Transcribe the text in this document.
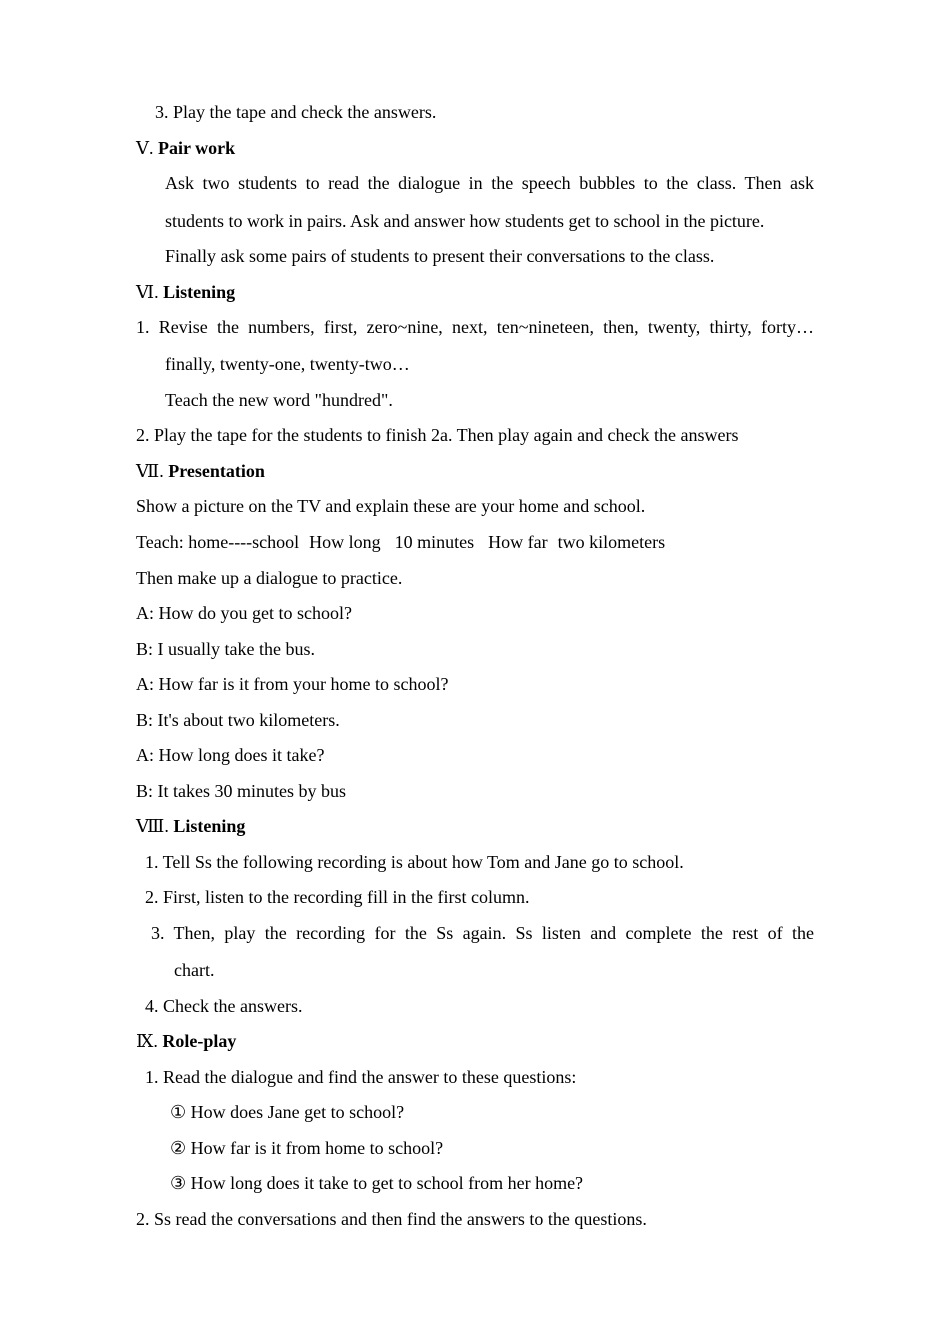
3. Play the tape and check the answers.
Ⅴ. Pair work
Ask two students to read the dialogue in the speech bubbles to the class. Then ask
students to work in pairs. Ask and answer how students get to school in the picture.
Finally ask some pairs of students to present their conversations to the class.
Ⅵ. Listening
1. Revise the numbers, first, zero~nine, next, ten~nineteen, then, twenty, thirty, forty…
finally, twenty-one, twenty-two…
Teach the new word "hundred".
2. Play the tape for the students to finish 2a. Then play again and check the answers
Ⅶ. Presentation
Show a picture on the TV and explain these are your home and school.
Teach: home----school How long 10 minutes How far two kilometers
Then make up a dialogue to practice.
A: How do you get to school?
B: I usually take the bus.
A: How far is it from your home to school?
B: It's about two kilometers.
A: How long does it take?
B: It takes 30 minutes by bus
Ⅷ. Listening
1. Tell Ss the following recording is about how Tom and Jane go to school.
2. First, listen to the recording fill in the first column.
3. Then, play the recording for the Ss again. Ss listen and complete the rest of the
chart.
4. Check the answers.
Ⅸ. Role-play
1. Read the dialogue and find the answer to these questions:
① How does Jane get to school?
② How far is it from home to school?
③ How long does it take to get to school from her home?
2. Ss read the conversations and then find the answers to the questions.
